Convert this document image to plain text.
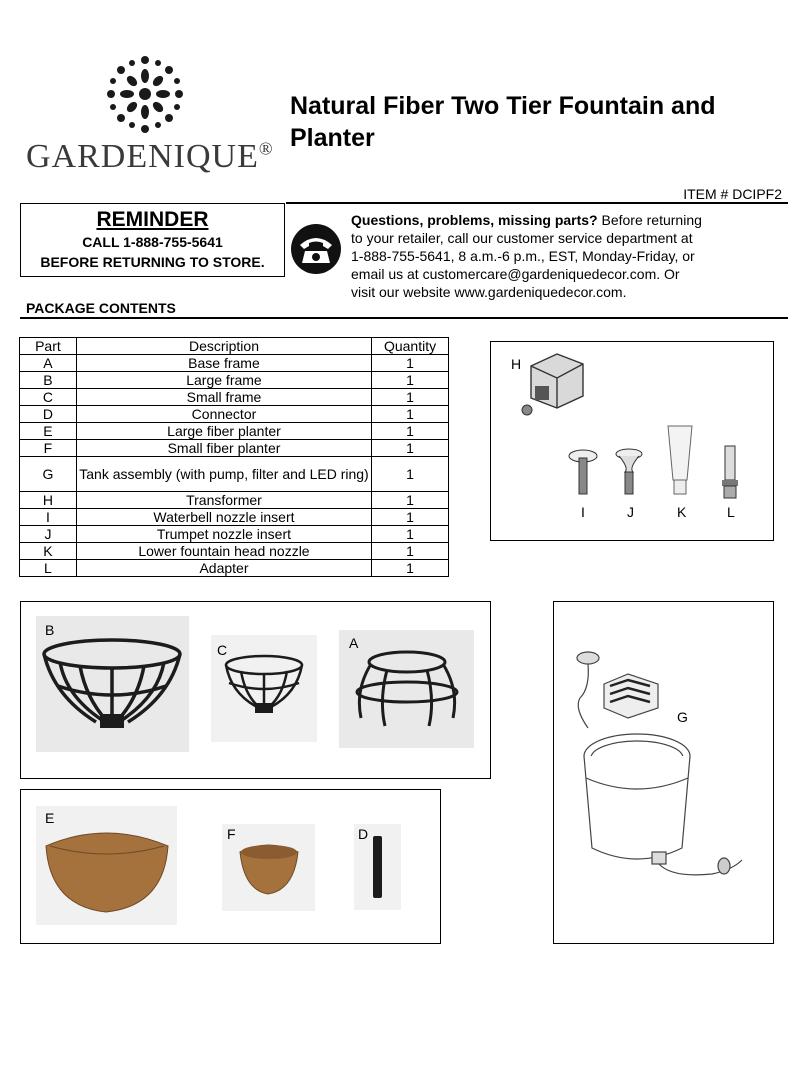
GARDENIQUE®
Natural Fiber Two Tier Fountain and
Planter
ITEM # DCIPF2
REMINDER

CALL 1-888-755-5641

BEFORE RETURNING TO STORE.

Questions, problems, missing parts? Before returning
to your retailer, call our customer service department at
1-888-755-5641, 8 a.m.-6 p.m., EST, Monday-Friday, or
email us at customercare@gardeniquedecor.com. Or
visit our website www.gardeniquedecor.com.
PACKAGE CONTENTS
Part	Description	Quantity
A	Base frame	1
B	Large frame	1
C	Small frame	1
D	Connector	1
E	Large fiber planter	1
F	Small fiber planter	1
G	Tank assembly (with pump, filter and LED ring)	1
H	Transformer	1
I	Waterbell nozzle insert	1
J	Trumpet nozzle insert	1
K	Lower fountain head nozzle	1
L	Adapter	1
H
I	J	K	L
B
C	A
G
E
F	D
